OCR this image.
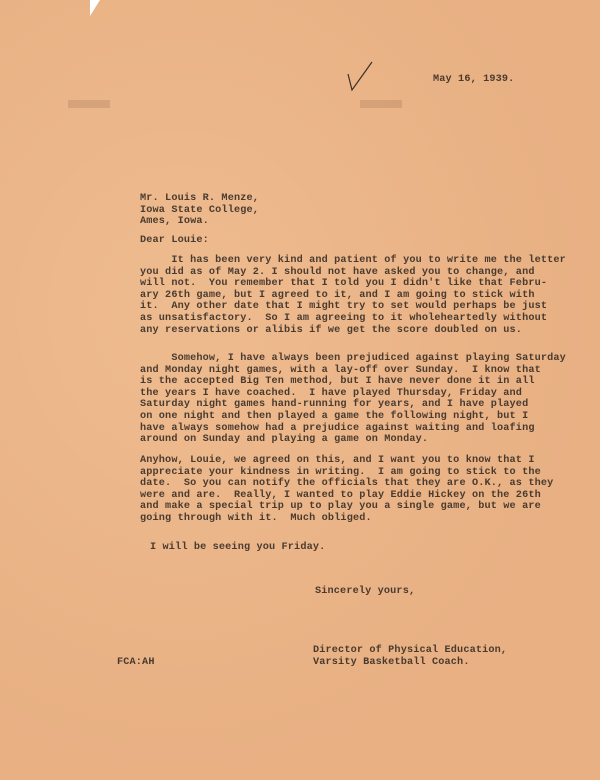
May 16, 1939.
Mr. Louis R. Menze,
Iowa State College,
Ames, Iowa.
Dear Louie:
It has been very kind and patient of you to write me the letter
you did as of May 2. I should not have asked you to change, and
will not.  You remember that I told you I didn't like that Febru-
ary 26th game, but I agreed to it, and I am going to stick with
it.  Any other date that I might try to set would perhaps be just
as unsatisfactory.  So I am agreeing to it wholeheartedly without
any reservations or alibis if we get the score doubled on us.
Somehow, I have always been prejudiced against playing Saturday
and Monday night games, with a lay-off over Sunday.  I know that
is the accepted Big Ten method, but I have never done it in all
the years I have coached.  I have played Thursday, Friday and
Saturday night games hand-running for years, and I have played
on one night and then played a game the following night, but I
have always somehow had a prejudice against waiting and loafing
around on Sunday and playing a game on Monday.
Anyhow, Louie, we agreed on this, and I want you to know that I
appreciate your kindness in writing.  I am going to stick to the
date.  So you can notify the officials that they are O.K., as they
were and are.  Really, I wanted to play Eddie Hickey on the 26th
and make a special trip up to play you a single game, but we are
going through with it.  Much obliged.
I will be seeing you Friday.
Sincerely yours,
Director of Physical Education,
Varsity Basketball Coach.
FCA:AH
